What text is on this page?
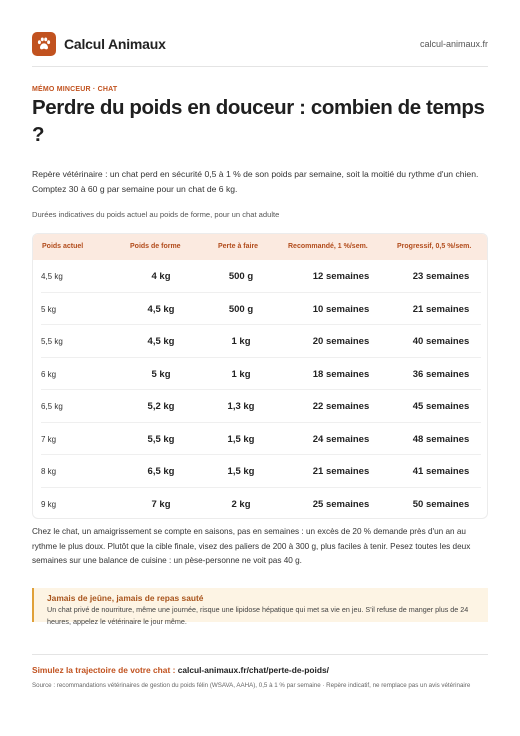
Calcul Animaux	calcul-animaux.fr
MÉMO MINCEUR · CHAT
Perdre du poids en douceur : combien de temps ?

Repère vétérinaire : un chat perd en sécurité 0,5 à 1 % de son poids par semaine, soit la moitié du rythme d'un chien. Comptez 30 à 60 g par semaine pour un chat de 6 kg.

Durées indicatives du poids actuel au poids de forme, pour un chat adulte
Poids actuel	Poids de forme	Perte à faire	Recommandé, 1 %/sem.	Progressif, 0,5 %/sem.
4,5 kg	4 kg	500 g	12 semaines	23 semaines
5 kg	4,5 kg	500 g	10 semaines	21 semaines
5,5 kg	4,5 kg	1 kg	20 semaines	40 semaines
6 kg	5 kg	1 kg	18 semaines	36 semaines
6,5 kg	5,2 kg	1,3 kg	22 semaines	45 semaines
7 kg	5,5 kg	1,5 kg	24 semaines	48 semaines
8 kg	6,5 kg	1,5 kg	21 semaines	41 semaines
9 kg	7 kg	2 kg	25 semaines	50 semaines

Chez le chat, un amaigrissement se compte en saisons, pas en semaines : un excès de 20 % demande près d'un an au rythme le plus doux. Plutôt que la cible finale, visez des paliers de 200 à 300 g, plus faciles à tenir. Pesez toutes les deux semaines sur une balance de cuisine : un pèse-personne ne voit pas 40 g.

Jamais de jeûne, jamais de repas sauté
Un chat privé de nourriture, même une journée, risque une lipidose hépatique qui met sa vie en jeu. S'il refuse de manger plus de 24 heures, appelez le vétérinaire le jour même.
Simulez la trajectoire de votre chat : calcul-animaux.fr/chat/perte-de-poids/
Source : recommandations vétérinaires de gestion du poids félin (WSAVA, AAHA), 0,5 à 1 % par semaine · Repère indicatif, ne remplace pas un avis vétérinaire
